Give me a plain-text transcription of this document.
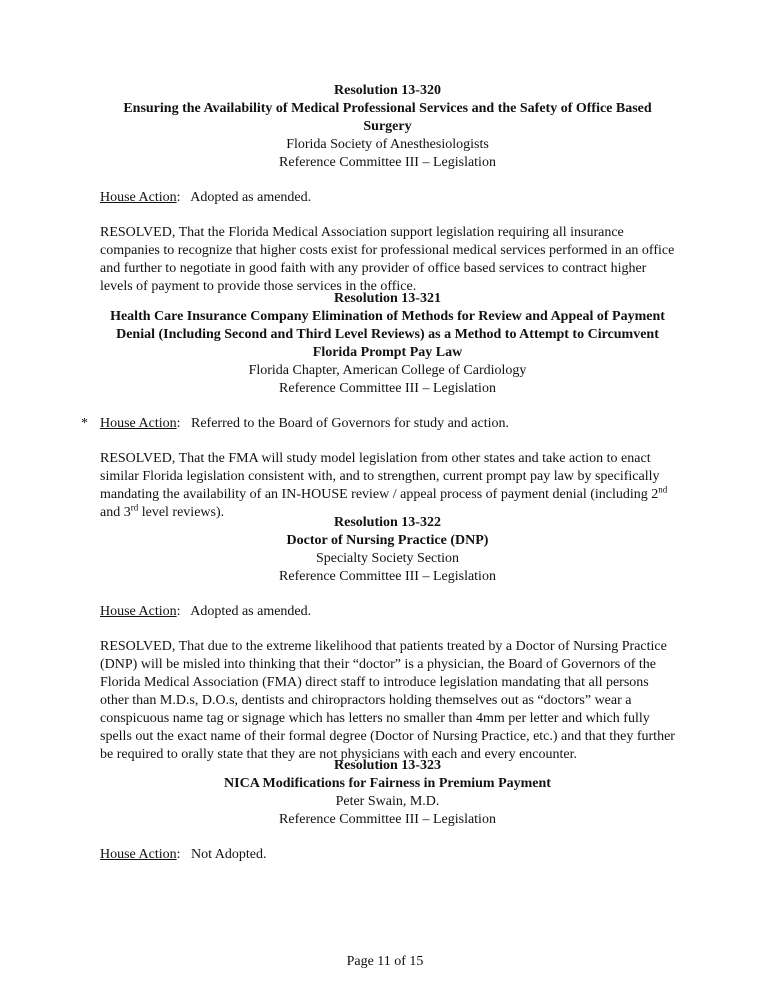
Resolution 13-320
Ensuring the Availability of Medical Professional Services and the Safety of Office Based Surgery
Florida Society of Anesthesiologists
Reference Committee III – Legislation
House Action:   Adopted as amended.
RESOLVED, That the Florida Medical Association support legislation requiring all insurance companies to recognize that higher costs exist for professional medical services performed in an office and further to negotiate in good faith with any provider of office based services to contract higher levels of payment to provide those services in the office.
Resolution 13-321
Health Care Insurance Company Elimination of Methods for Review and Appeal of Payment Denial (Including Second and Third Level Reviews) as a Method to Attempt to Circumvent Florida Prompt Pay Law
Florida Chapter, American College of Cardiology
Reference Committee III – Legislation
* House Action:   Referred to the Board of Governors for study and action.
RESOLVED, That the FMA will study model legislation from other states and take action to enact similar Florida legislation consistent with, and to strengthen, current prompt pay law by specifically mandating the availability of an IN-HOUSE review / appeal process of payment denial (including 2nd and 3rd level reviews).
Resolution 13-322
Doctor of Nursing Practice (DNP)
Specialty Society Section
Reference Committee III – Legislation
House Action:   Adopted as amended.
RESOLVED, That due to the extreme likelihood that patients treated by a Doctor of Nursing Practice (DNP) will be misled into thinking that their “doctor” is a physician, the Board of Governors of the Florida Medical Association (FMA) direct staff to introduce legislation mandating that all persons other than M.D.s, D.O.s, dentists and chiropractors holding themselves out as “doctors” wear a conspicuous name tag or signage which has letters no smaller than 4mm per letter and which fully spells out the exact name of their formal degree (Doctor of Nursing Practice, etc.) and that they further be required to orally state that they are not physicians with each and every encounter.
Resolution 13-323
NICA Modifications for Fairness in Premium Payment
Peter Swain, M.D.
Reference Committee III – Legislation
House Action:   Not Adopted.
Page 11 of 15
